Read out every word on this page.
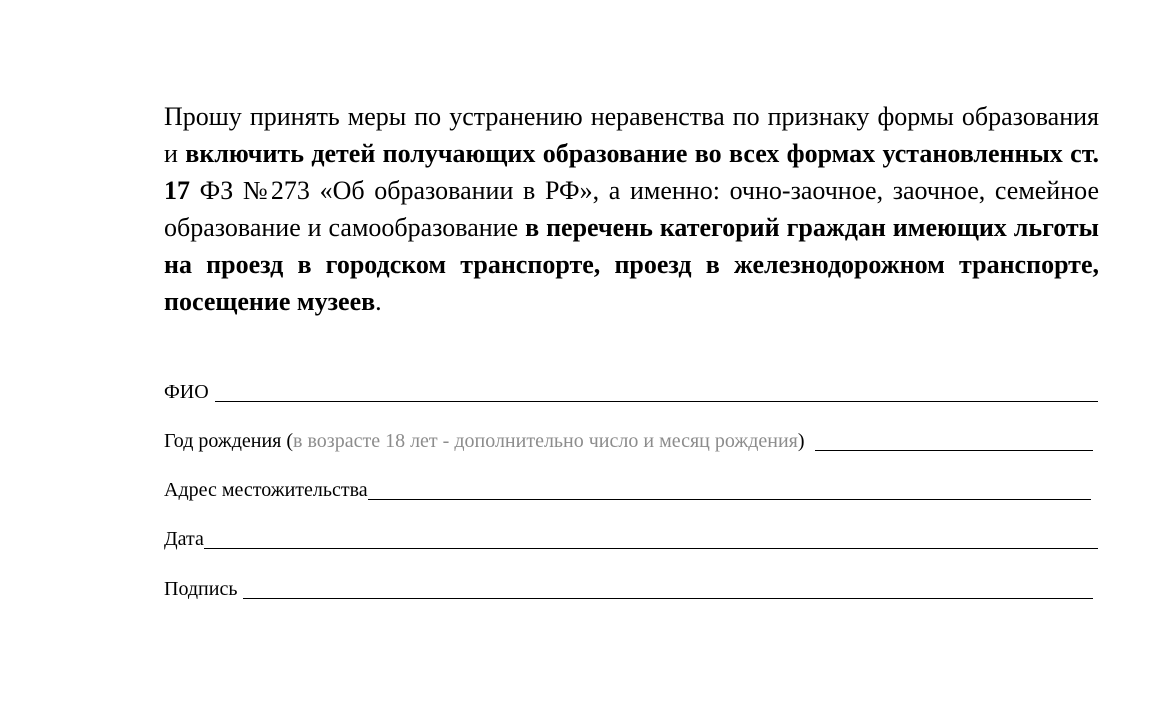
Прошу принять меры по устранению неравенства по признаку формы образования и включить детей получающих образование во всех формах установленных ст. 17 ФЗ №273 «Об образовании в РФ», а именно: очно-заочное, заочное, семейное образование и самообразование в перечень категорий граждан имеющих льготы на проезд в городском транспорте, проезд в железнодорожном транспорте, посещение музеев.

ФИО
Год рождения (в возрасте 18 лет - дополнительно число и месяц рождения)
Адрес местожительства
Дата
Подпись
